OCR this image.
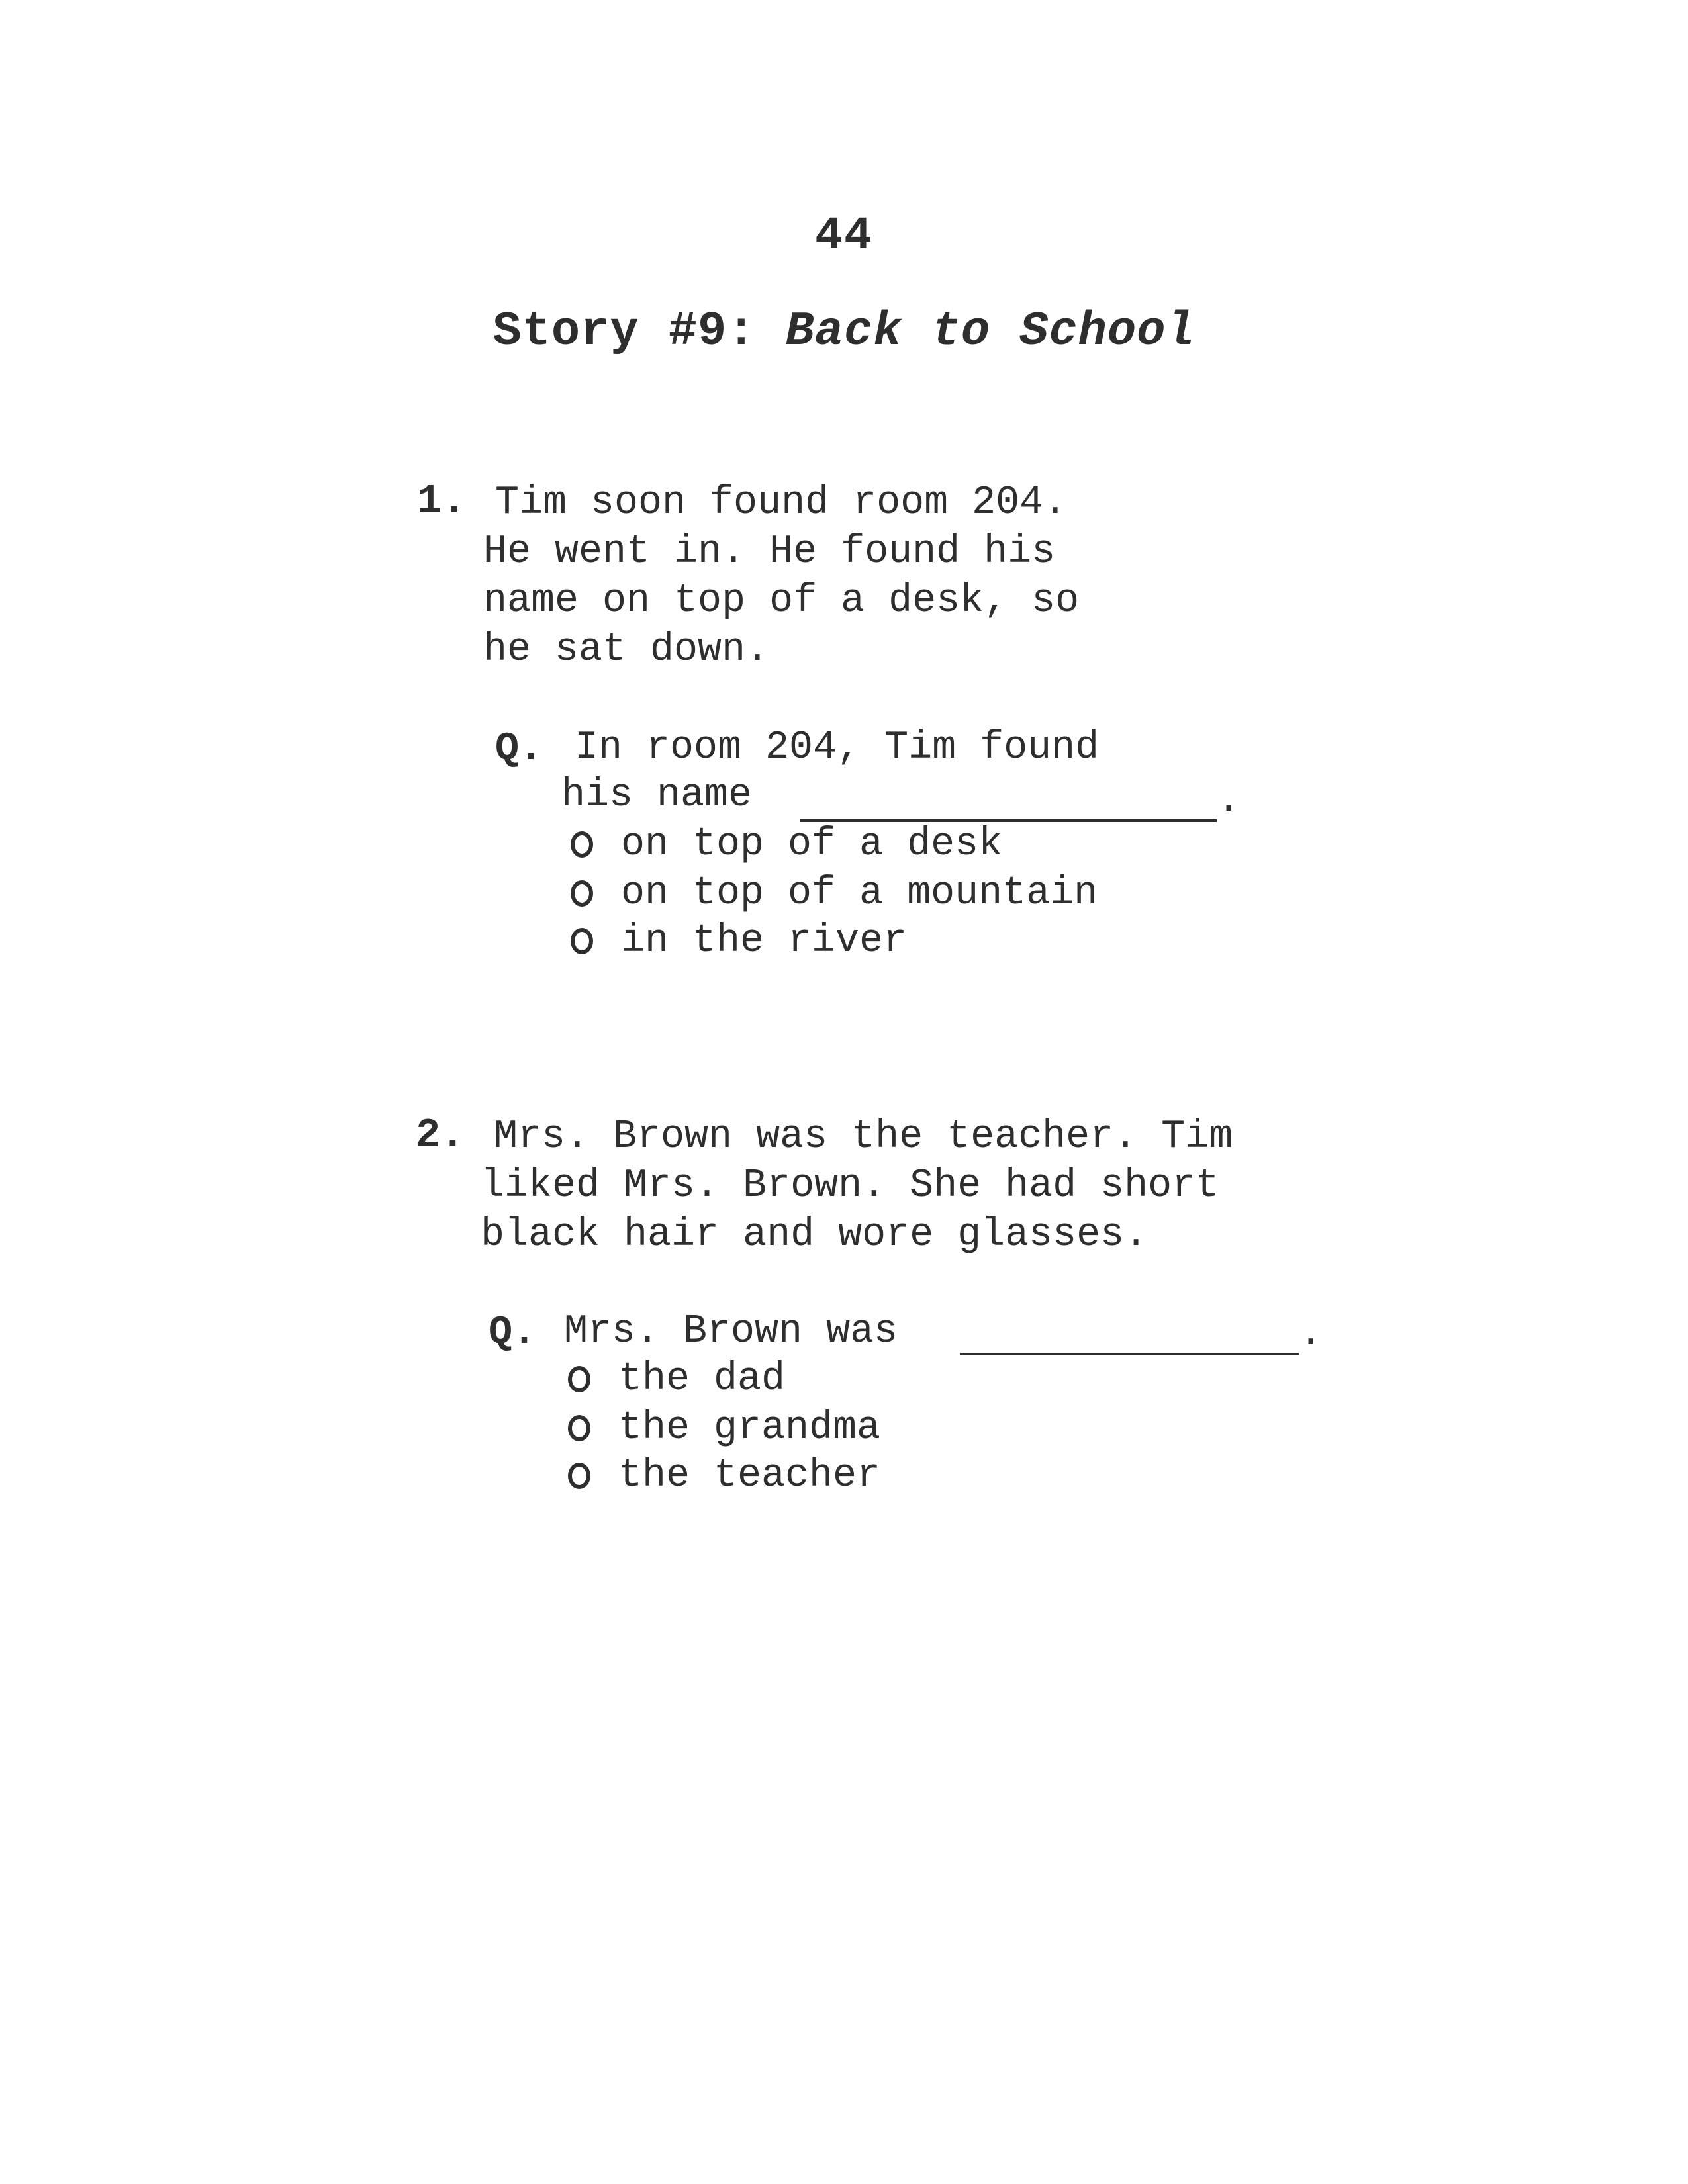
44
Story #9: Back to School
1. Tim soon found room 204.
He went in. He found his
name on top of a desk, so
he sat down.
Q. In room 204, Tim found
his name	.
on top of a desk
on top of a mountain
in the river
2. Mrs. Brown was the teacher. Tim
liked Mrs. Brown. She had short
black hair and wore glasses.
Q. Mrs. Brown was	.
the dad
the grandma
the teacher
